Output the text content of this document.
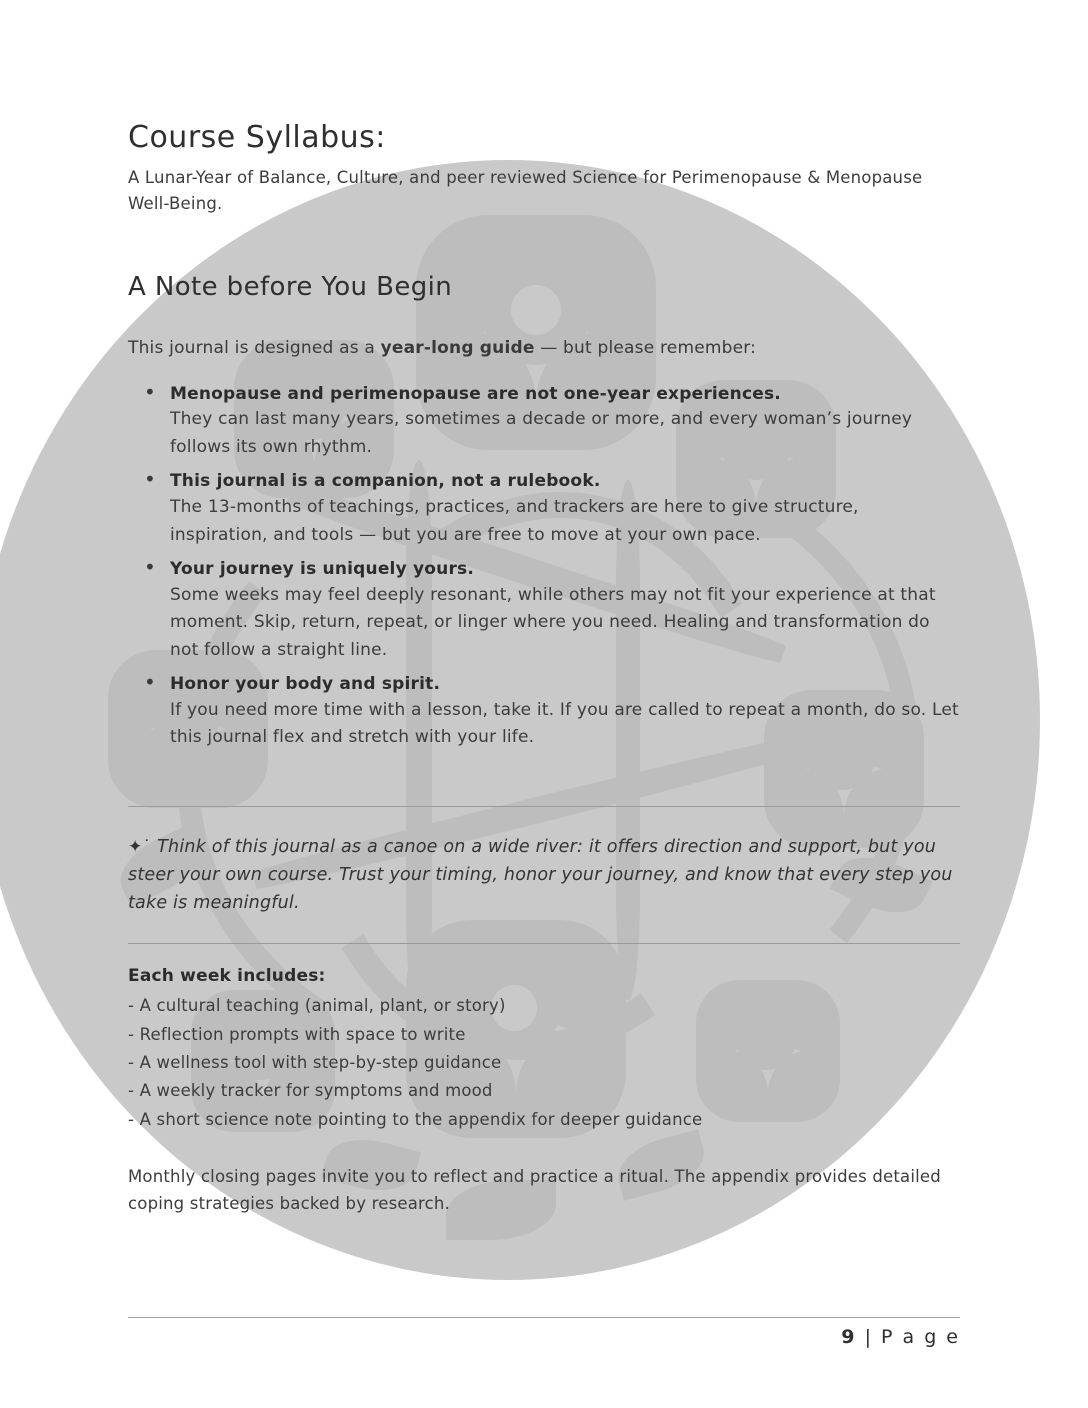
Course Syllabus:

A Lunar-Year of Balance, Culture, and peer reviewed Science for Perimenopause & Menopause Well-Being.

A Note before You Begin

This journal is designed as a year-long guide — but please remember:

• Menopause and perimenopause are not one-year experiences.
They can last many years, sometimes a decade or more, and every woman’s journey follows its own rhythm.
• This journal is a companion, not a rulebook.
The 13-months of teachings, practices, and trackers are here to give structure, inspiration, and tools — but you are free to move at your own pace.
• Your journey is uniquely yours.
Some weeks may feel deeply resonant, while others may not fit your experience at that moment. Skip, return, repeat, or linger where you need. Healing and transformation do not follow a straight line.
• Honor your body and spirit.
If you need more time with a lesson, take it. If you are called to repeat a month, do so. Let this journal flex and stretch with your life.

✦˙ Think of this journal as a canoe on a wide river: it offers direction and support, but you steer your own course. Trust your timing, honor your journey, and know that every step you take is meaningful.

Each week includes:
- A cultural teaching (animal, plant, or story)
- Reflection prompts with space to write
- A wellness tool with step-by-step guidance
- A weekly tracker for symptoms and mood
- A short science note pointing to the appendix for deeper guidance

Monthly closing pages invite you to reflect and practice a ritual. The appendix provides detailed coping strategies backed by research.

9 | P a g e
